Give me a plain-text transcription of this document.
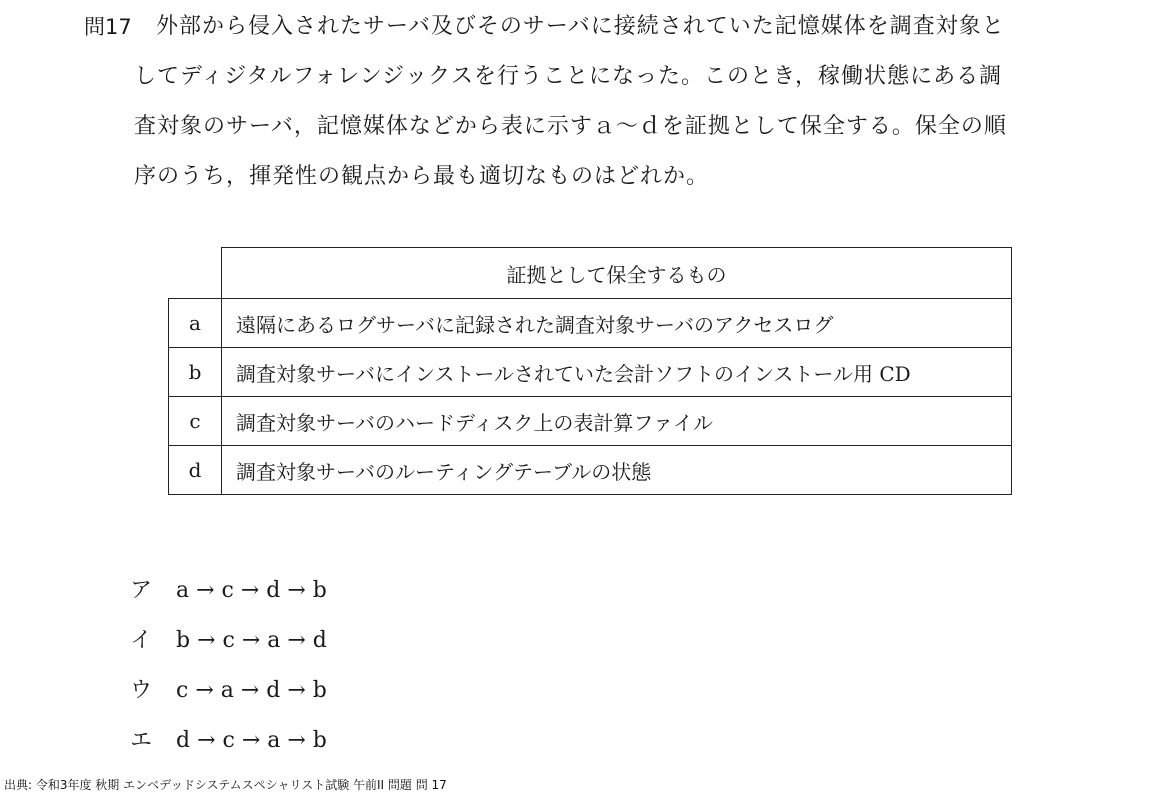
問17 外部から侵入されたサーバ及びそのサーバに接続されていた記憶媒体を調査対象と
してディジタルフォレンジックスを行うことになった。このとき，稼働状態にある調
査対象のサーバ，記憶媒体などから表に示すａ～ｄを証拠として保全する。保全の順
序のうち，揮発性の観点から最も適切なものはどれか。
	証拠として保全するもの
a	遠隔にあるログサーバに記録された調査対象サーバのアクセスログ
b	調査対象サーバにインストールされていた会計ソフトのインストール用 CD
c	調査対象サーバのハードディスク上の表計算ファイル
d	調査対象サーバのルーティングテーブルの状態
ア a → c → d → b
イ b → c → a → d
ウ c → a → d → b
エ d → c → a → b
出典: 令和3年度 秋期 エンベデッドシステムスペシャリスト試験 午前II 問題 問 17
